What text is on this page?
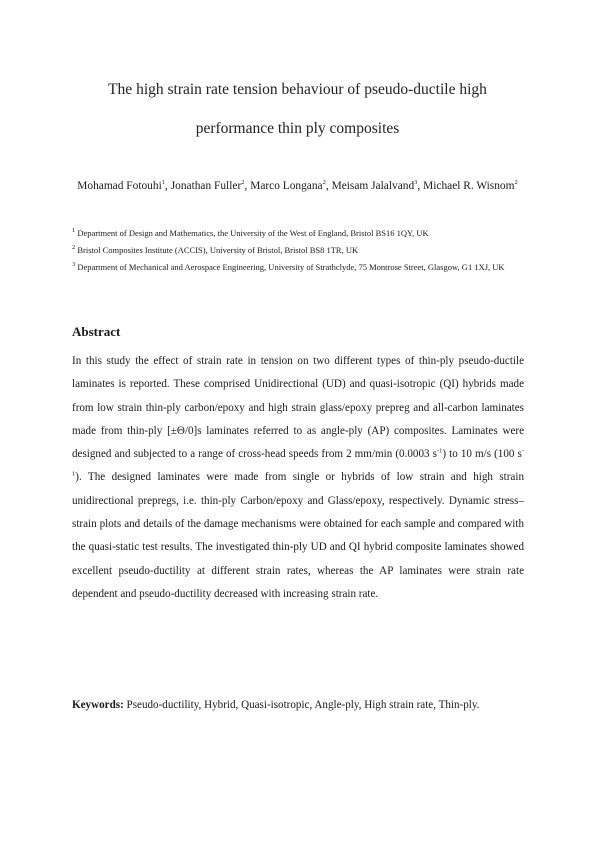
The high strain rate tension behaviour of pseudo-ductile high
performance thin ply composites
Mohamad Fotouhi$^1$, Jonathan Fuller$^2$, Marco Longana$^2$, Meisam Jalalvand$^3$, Michael R. Wisnom$^2$

$^1$ Department of Design and Mathematics, the University of the West of England, Bristol BS16 1QY, UK

$^2$ Bristol Composites Institute (ACCIS), University of Bristol, Bristol BS8 1TR, UK

$^3$ Department of Mechanical and Aerospace Engineering, University of Strathclyde, 75 Montrose Street, Glasgow, G1 1XJ, UK

Abstract

In this study the effect of strain rate in tension on two different types of thin-ply pseudo-ductile laminates is reported. These comprised Unidirectional (UD) and quasi-isotropic (QI) hybrids made from low strain thin-ply carbon/epoxy and high strain glass/epoxy prepreg and all-carbon laminates made from thin-ply [±Θ/0]s laminates referred to as angle-ply (AP) composites. Laminates were designed and subjected to a range of cross-head speeds from 2 mm/min (0.0003 $s^{-1}$) to 10 m/s (100 $s^{-1}$). The designed laminates were made from single or hybrids of low strain and high strain unidirectional prepregs, i.e. thin-ply Carbon/epoxy and Glass/epoxy, respectively. Dynamic stress–strain plots and details of the damage mechanisms were obtained for each sample and compared with the quasi-static test results. The investigated thin-ply UD and QI hybrid composite laminates showed excellent pseudo-ductility at different strain rates, whereas the AP laminates were strain rate dependent and pseudo-ductility decreased with increasing strain rate.

Keywords: Pseudo-ductility, Hybrid, Quasi-isotropic, Angle-ply, High strain rate, Thin-ply.
